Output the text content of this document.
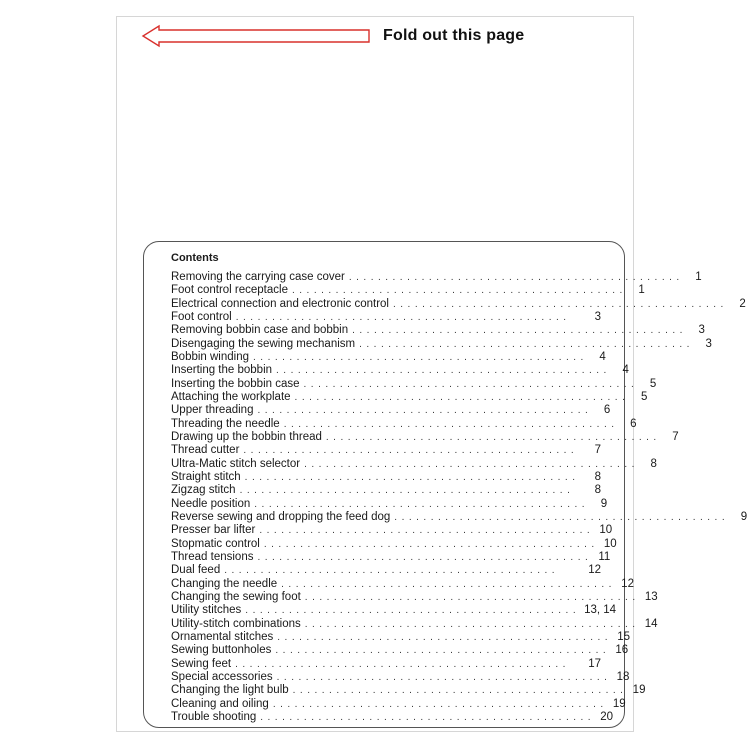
Fold out this page
Contents
Removing the carrying case cover ..............................................	1
Foot control receptacle ..............................................	1
Electrical connection and electronic control ..............................................	2
Foot control ..............................................	3
Removing bobbin case and bobbin ..............................................	3
Disengaging the sewing mechanism ..............................................	3
Bobbin winding ..............................................	4
Inserting the bobbin ..............................................	4
Inserting the bobbin case ..............................................	5
Attaching the workplate ..............................................	5
Upper threading ..............................................	6
Threading the needle ..............................................	6
Drawing up the bobbin thread ..............................................	7
Thread cutter ..............................................	7
Ultra-Matic stitch selector ..............................................	8
Straight stitch ..............................................	8
Zigzag stitch ..............................................	8
Needle position ..............................................	9
Reverse sewing and dropping the feed dog ..............................................	9
Presser bar lifter .............................................. 10
Stopmatic control .............................................. 10
Thread tensions .............................................. 11
Dual feed ..............................................	12
Changing the needle .............................................. 12
Changing the sewing foot .............................................. 13
Utility stitches .............................................. 13, 14
Utility-stitch combinations .............................................. 14
Ornamental stitches .............................................. 15
Sewing buttonholes .............................................. 16
Sewing feet ..............................................	17
Special accessories .............................................. 18
Changing the light bulb .............................................. 19
Cleaning and oiling .............................................. 19
Trouble shooting .............................................. 20
